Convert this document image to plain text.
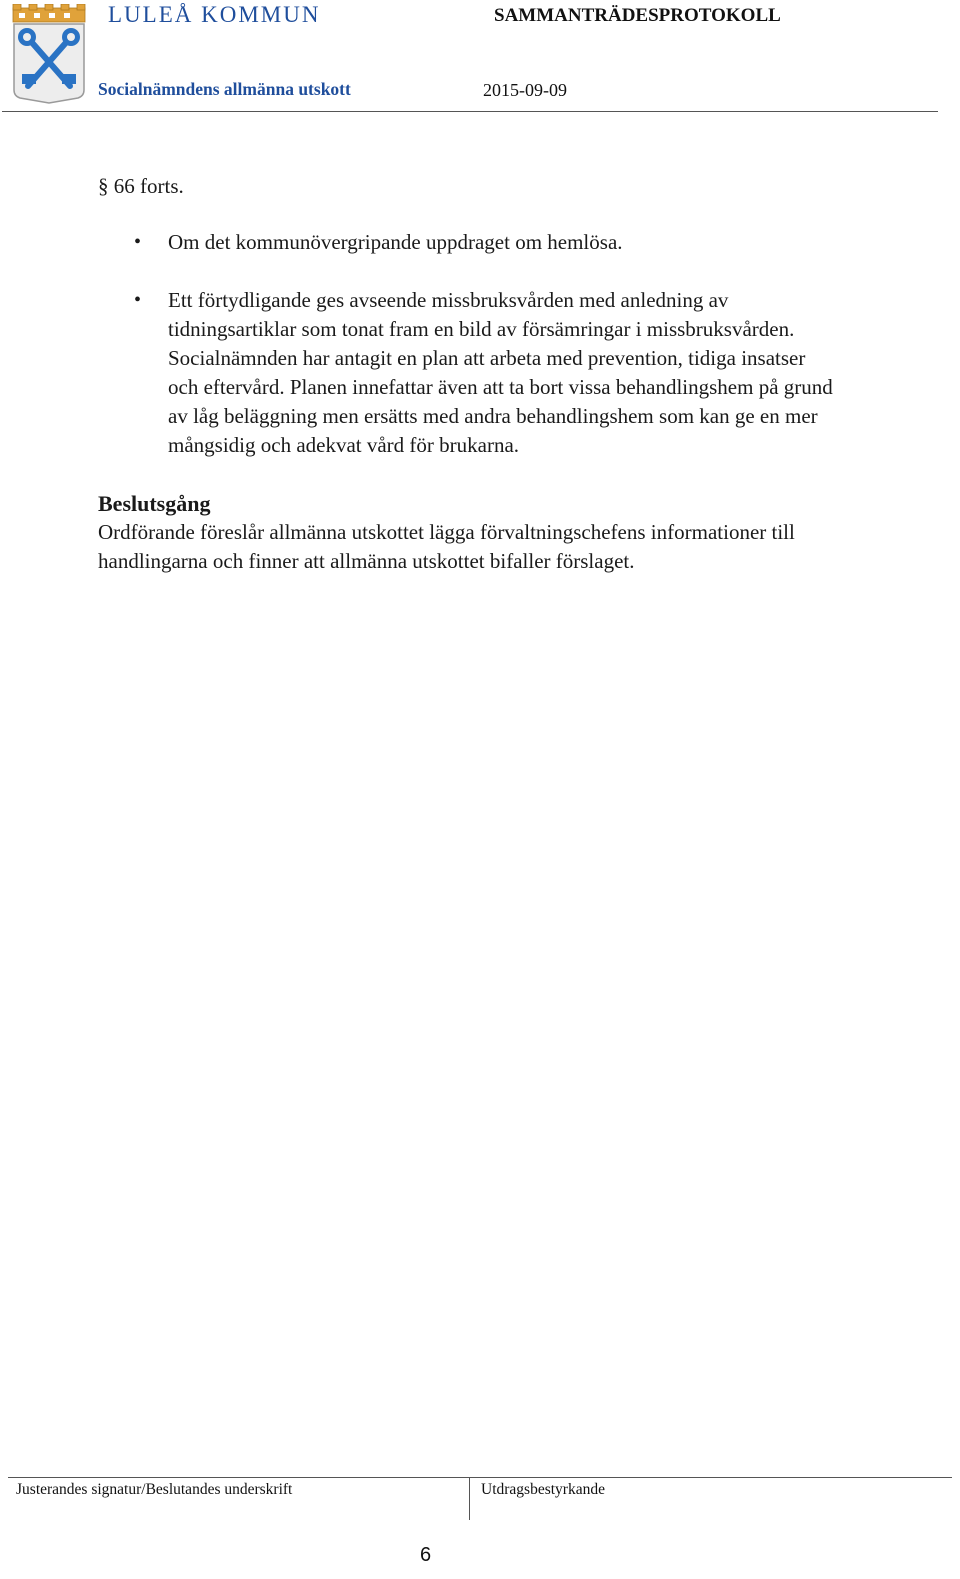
LULEÅ KOMMUN	SAMMANTRÄDESPROTOKOLL
Socialnämndens allmänna utskott	2015-09-09

§ 66 forts.

• Om det kommunövergripande uppdraget om hemlösa.
• Ett förtydligande ges avseende missbruksvården med anledning av tidningsartiklar som tonat fram en bild av försämringar i missbruksvården. Socialnämnden har antagit en plan att arbeta med prevention, tidiga insatser och eftervård. Planen innefattar även att ta bort vissa behandlingshem på grund av låg beläggning men ersätts med andra behandlingshem som kan ge en mer mångsidig och adekvat vård för brukarna.

Beslutsgång

Ordförande föreslår allmänna utskottet lägga förvaltningschefens informationer till handlingarna och finner att allmänna utskottet bifaller förslaget.

Justerandes signatur/Beslutandes underskrift	Utdragsbestyrkande
6
